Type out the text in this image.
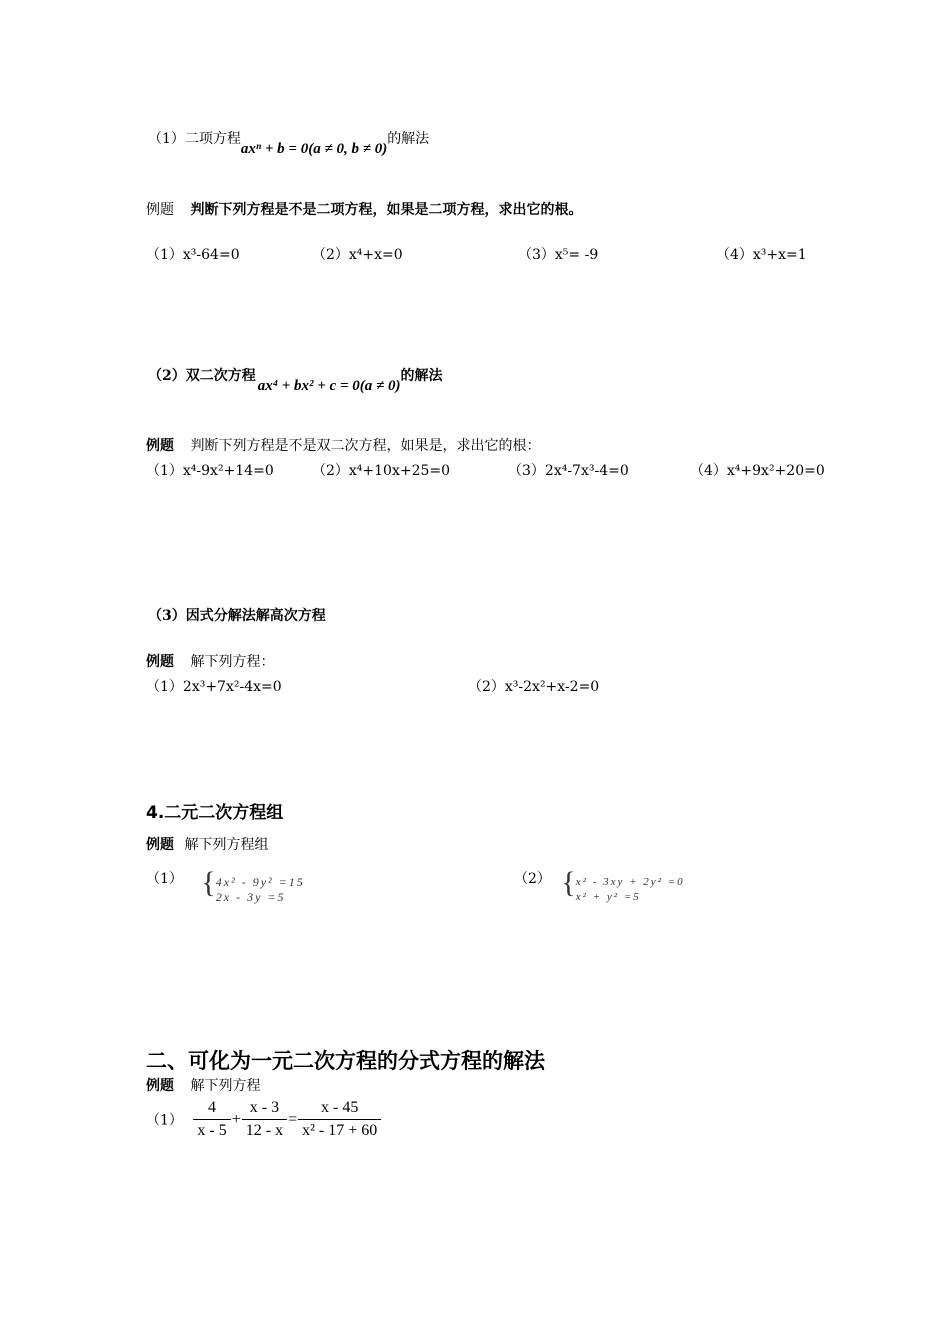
（1）二项方程axⁿ + b = 0(a ≠ 0, b ≠ 0)的解法
例题 判断下列方程是不是二项方程，如果是二项方程，求出它的根。
（1）x³-64=0	（2）x⁴+x=0	（3）x⁵= -9	（4）x³+x=1
（2）双二次方程ax⁴ + bx² + c = 0(a ≠ 0)的解法
例题 判断下列方程是不是双二次方程，如果是，求出它的根：
（1）x⁴-9x²+14=0	（2）x⁴+10x+25=0	（3）2x⁴-7x³-4=0	（4）x⁴+9x²+20=0
（3）因式分解法解高次方程
例题 解下列方程：
（1）2x³+7x²-4x=0	（2）x³-2x²+x-2=0
4.二元二次方程组
例题 解下列方程组
（1） { 4x² - 9y² =15
2x - 3y =5
（2） { x² - 3xy + 2y² =0
x² + y² =5
二、可化为一元二次方程的分式方程的解法
例题 解下列方程
$(1) \frac{4}{x - 5} + \frac{x - 3}{12 - x} = \frac{x - 45}{\text{x² - 17 + 60}}$
